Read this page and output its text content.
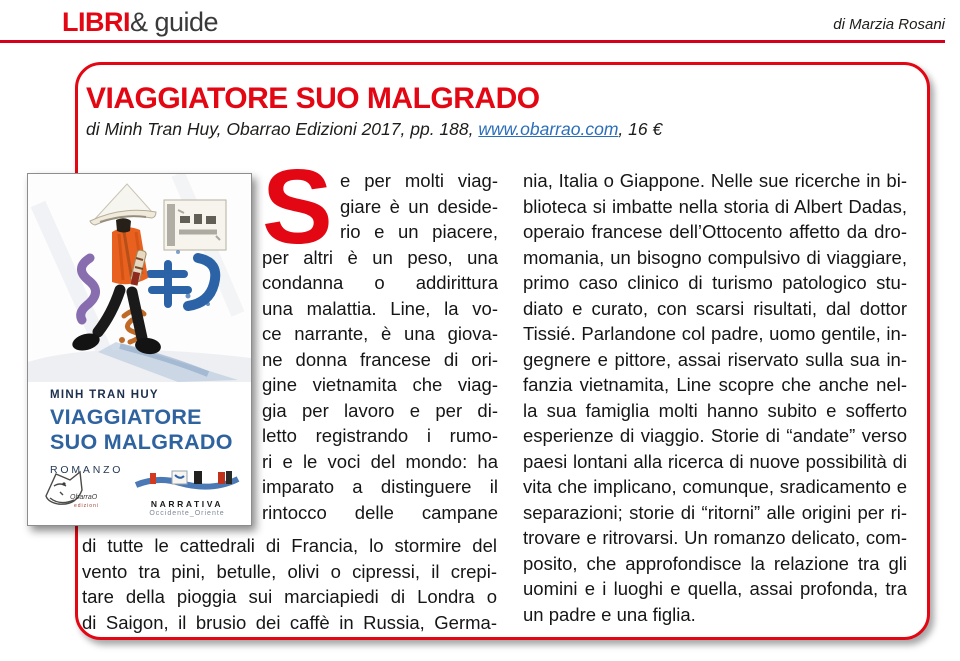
LIBRI& guide	di Marzia Rosani
VIAGGIATORE SUO MALGRADO
di Minh Tran Huy, Obarrao Edizioni 2017, pp. 188, www.obarrao.com, 16 €
MINH TRAN HUY
VIAGGIATORE
SUO MALGRADO
ROMANZO
ObarraO
edizioni	NARRATIVA
Occidente_Oriente
S e per molti viag-
giare è un deside-
rio e un piacere,
per altri è un peso, una
condanna o addirittura
una malattia. Line, la vo-
ce narrante, è una giova-
ne donna francese di ori-
gine vietnamita che viag-
gia per lavoro e per di-
letto registrando i rumo-
ri e le voci del mondo: ha
imparato a distinguere il
rintocco delle campane
di tutte le cattedrali di Francia, lo stormire del
vento tra pini, betulle, olivi o cipressi, il crepi-
tare della pioggia sui marciapiedi di Londra o
di Saigon, il brusio dei caffè in Russia, Germa-
nia, Italia o Giappone. Nelle sue ricerche in bi-
blioteca si imbatte nella storia di Albert Dadas,
operaio francese dell’Ottocento affetto da dro-
momania, un bisogno compulsivo di viaggiare,
primo caso clinico di turismo patologico stu-
diato e curato, con scarsi risultati, dal dottor
Tissié. Parlandone col padre, uomo gentile, in-
gegnere e pittore, assai riservato sulla sua in-
fanzia vietnamita, Line scopre che anche nel-
la sua famiglia molti hanno subito e sofferto
esperienze di viaggio. Storie di “andate” verso
paesi lontani alla ricerca di nuove possibilità di
vita che implicano, comunque, sradicamento e
separazioni; storie di “ritorni” alle origini per ri-
trovare e ritrovarsi. Un romanzo delicato, com-
posito, che approfondisce la relazione tra gli
uomini e i luoghi e quella, assai profonda, tra
un padre e una figlia.
